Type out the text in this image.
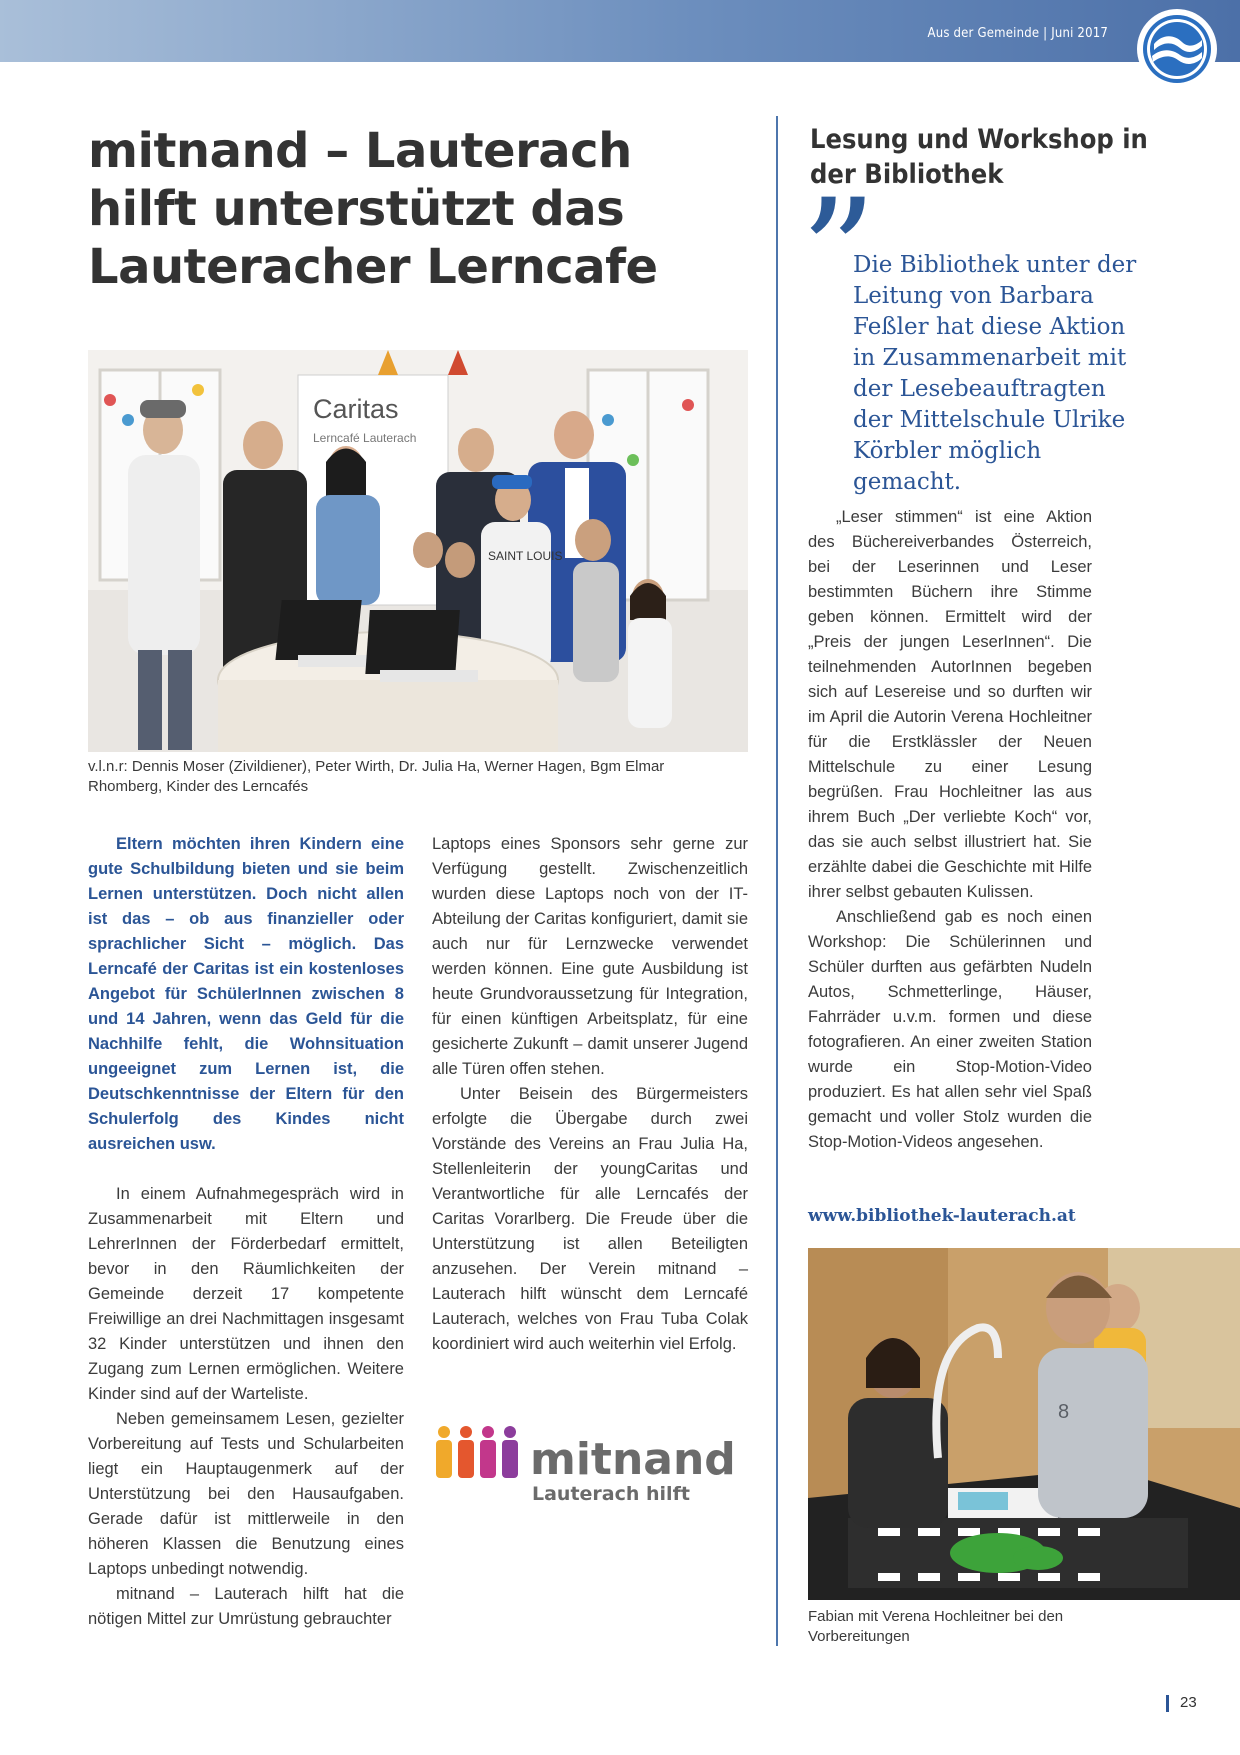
Aus der Gemeinde | Juni 2017
mitnand – Lauterach hilft unterstützt das Lauteracher Lerncafe
Caritas
Lerncafé Lauterach
SAINT LOUIS
v.l.n.r: Dennis Moser (Zivildiener), Peter Wirth, Dr. Julia Ha, Werner Hagen, Bgm Elmar Rhomberg, Kinder des Lerncafés

Eltern möchten ihren Kindern eine gute Schulbildung bieten und sie beim Lernen unterstützen. Doch nicht allen ist das – ob aus finanzieller oder sprachlicher Sicht – möglich. Das Lerncafé der Caritas ist ein kostenloses Angebot für SchülerInnen zwischen 8 und 14 Jahren, wenn das Geld für die Nachhilfe fehlt, die Wohnsituation ungeeignet zum Lernen ist, die Deutschkenntnisse der Eltern für den Schulerfolg des Kindes nicht ausreichen usw.

In einem Aufnahmegespräch wird in Zusammenarbeit mit Eltern und LehrerInnen der Förderbedarf ermittelt, bevor in den Räumlichkeiten der Gemeinde derzeit 17 kompetente Freiwillige an drei Nachmittagen insgesamt 32 Kinder unterstützen und ihnen den Zugang zum Lernen ermöglichen. Weitere Kinder sind auf der Warteliste.

Neben gemeinsamem Lesen, gezielter Vorbereitung auf Tests und Schularbeiten liegt ein Hauptaugenmerk auf der Unterstützung bei den Hausaufgaben. Gerade dafür ist mittlerweile in den höheren Klassen die Benutzung eines Laptops unbedingt notwendig.

mitnand – Lauterach hilft hat die nötigen Mittel zur Umrüstung gebrauchter

Laptops eines Sponsors sehr gerne zur Verfügung gestellt. Zwischenzeitlich wurden diese Laptops noch von der IT-Abteilung der Caritas konfiguriert, damit sie auch nur für Lernzwecke verwendet werden können. Eine gute Ausbildung ist heute Grundvoraussetzung für Integration, für einen künftigen Arbeitsplatz, für eine gesicherte Zukunft – damit unserer Jugend alle Türen offen stehen.

Unter Beisein des Bürgermeisters erfolgte die Übergabe durch zwei Vorstände des Vereins an Frau Julia Ha, Stellenleiterin der youngCaritas und Verantwortliche für alle Lerncafés der Caritas Vorarlberg. Die Freude über die Unterstützung ist allen Beteiligten anzusehen. Der Verein mitnand – Lauterach hilft wünscht dem Lerncafé Lauterach, welches von Frau Tuba Colak koordiniert wird auch weiterhin viel Erfolg.

mitnand
Lauterach hilft
Lesung und Workshop in der Bibliothek
”
Die Bibliothek unter der Leitung von Barbara Feßler hat diese Aktion in Zusammenarbeit mit der Lesebeauftragten der Mittelschule Ulrike Körbler möglich gemacht.

„Leser stimmen“ ist eine Aktion des Büchereiverbandes Österreich, bei der Leserinnen und Leser bestimmten Büchern ihre Stimme geben können. Ermittelt wird der „Preis der jungen LeserInnen“. Die teilnehmenden AutorInnen begeben sich auf Lesereise und so durften wir im April die Autorin Verena Hochleitner für die Erstklässler der Neuen Mittelschule zu einer Lesung begrüßen. Frau Hochleitner las aus ihrem Buch „Der verliebte Koch“ vor, das sie auch selbst illustriert hat. Sie erzählte dabei die Geschichte mit Hilfe ihrer selbst gebauten Kulissen.

Anschließend gab es noch einen Workshop: Die Schülerinnen und Schüler durften aus gefärbten Nudeln Autos, Schmetterlinge, Häuser, Fahrräder u.v.m. formen und diese fotografieren. An einer zweiten Station wurde ein Stop-Motion-Video produziert. Es hat allen sehr viel Spaß gemacht und voller Stolz wurden die Stop-Motion-Videos angesehen.

www.bibliothek-lauterach.at
8
Fabian mit Verena Hochleitner bei den Vorbereitungen
23
